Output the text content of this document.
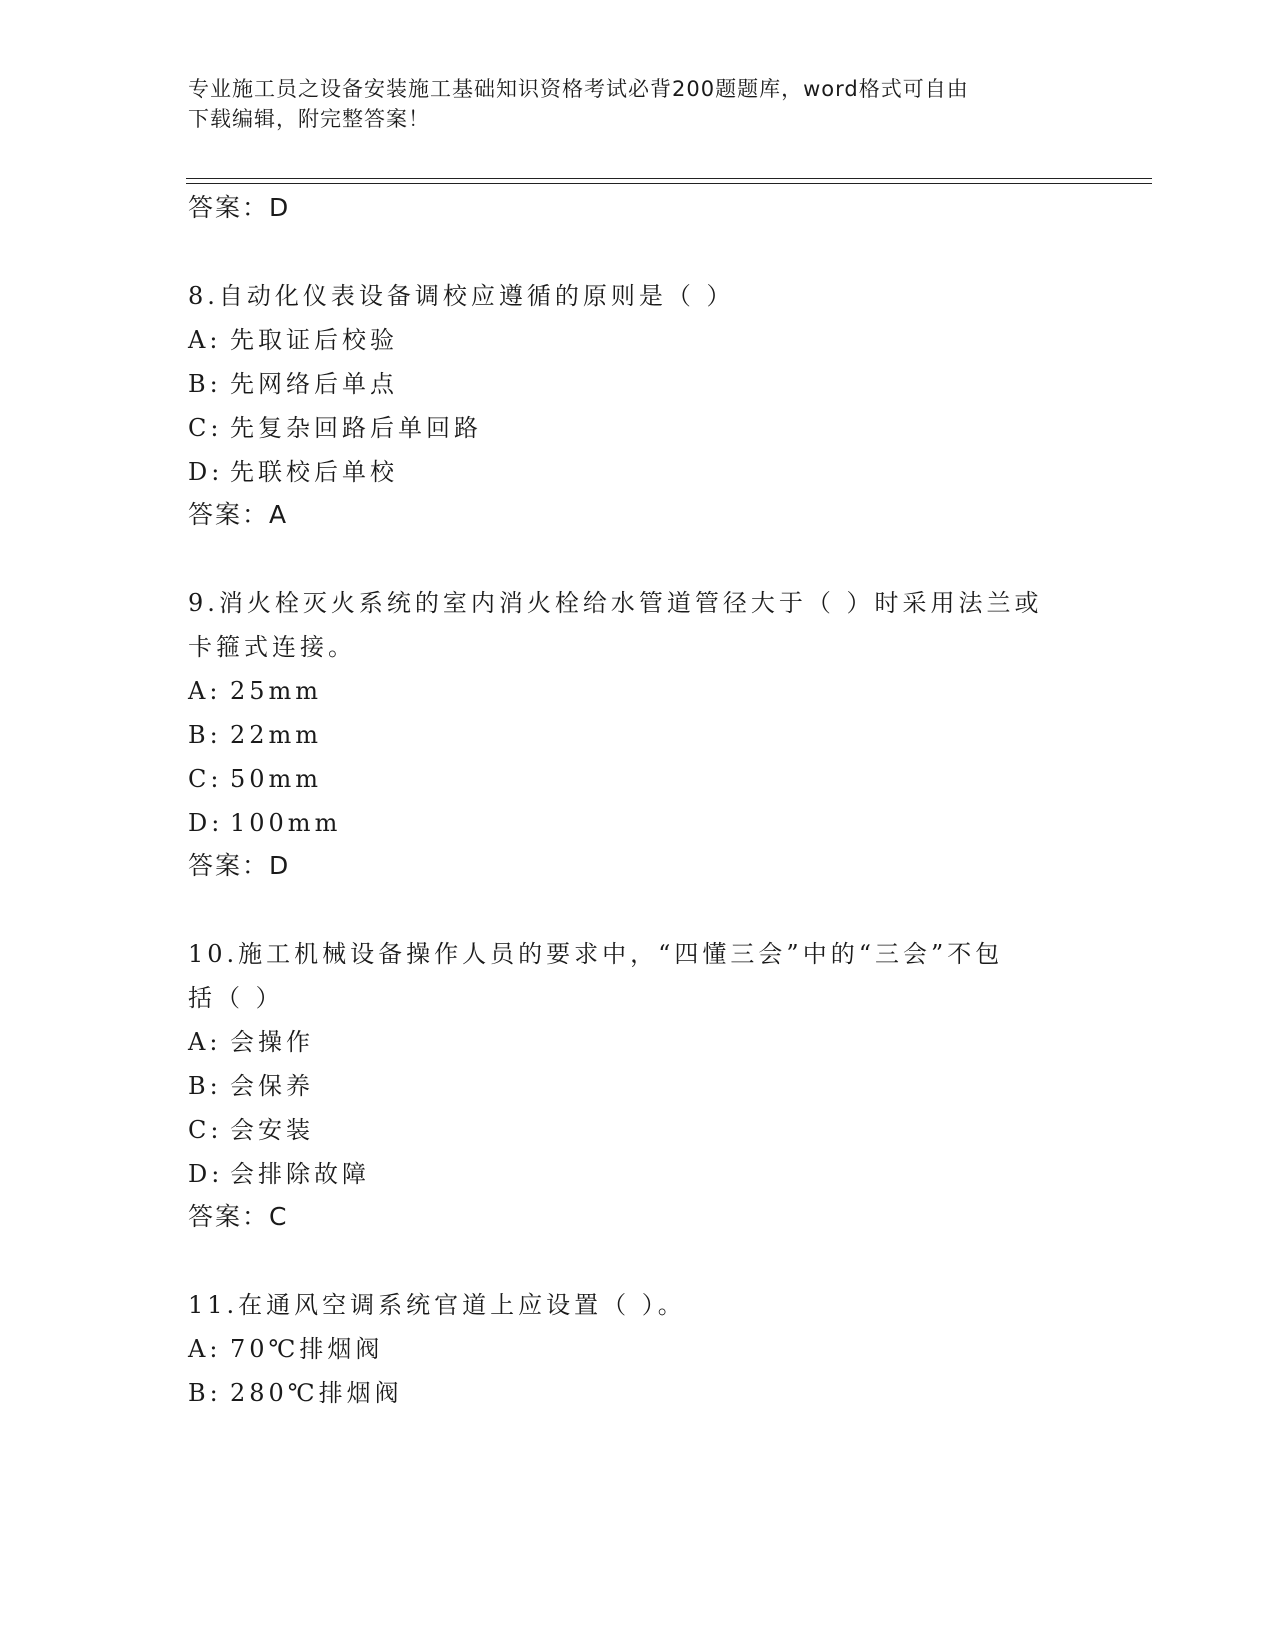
专业施工员之设备安装施工基础知识资格考试必背200题题库，word格式可自由
下载编辑，附完整答案！
答案：D
8.自动化仪表设备调校应遵循的原则是（ ）
A: 先取证后校验
B: 先网络后单点
C: 先复杂回路后单回路
D: 先联校后单校
答案：A
9.消火栓灭火系统的室内消火栓给水管道管径大于（ ）时采用法兰或
卡箍式连接。
A: 25mm
B: 22mm
C: 50mm
D: 100mm
答案：D
10.施工机械设备操作人员的要求中，“四懂三会”中的“三会”不包
括（ ）
A: 会操作
B: 会保养
C: 会安装
D: 会排除故障
答案：C
11.在通风空调系统官道上应设置（ ）。
A: 70℃排烟阀
B: 280℃排烟阀
